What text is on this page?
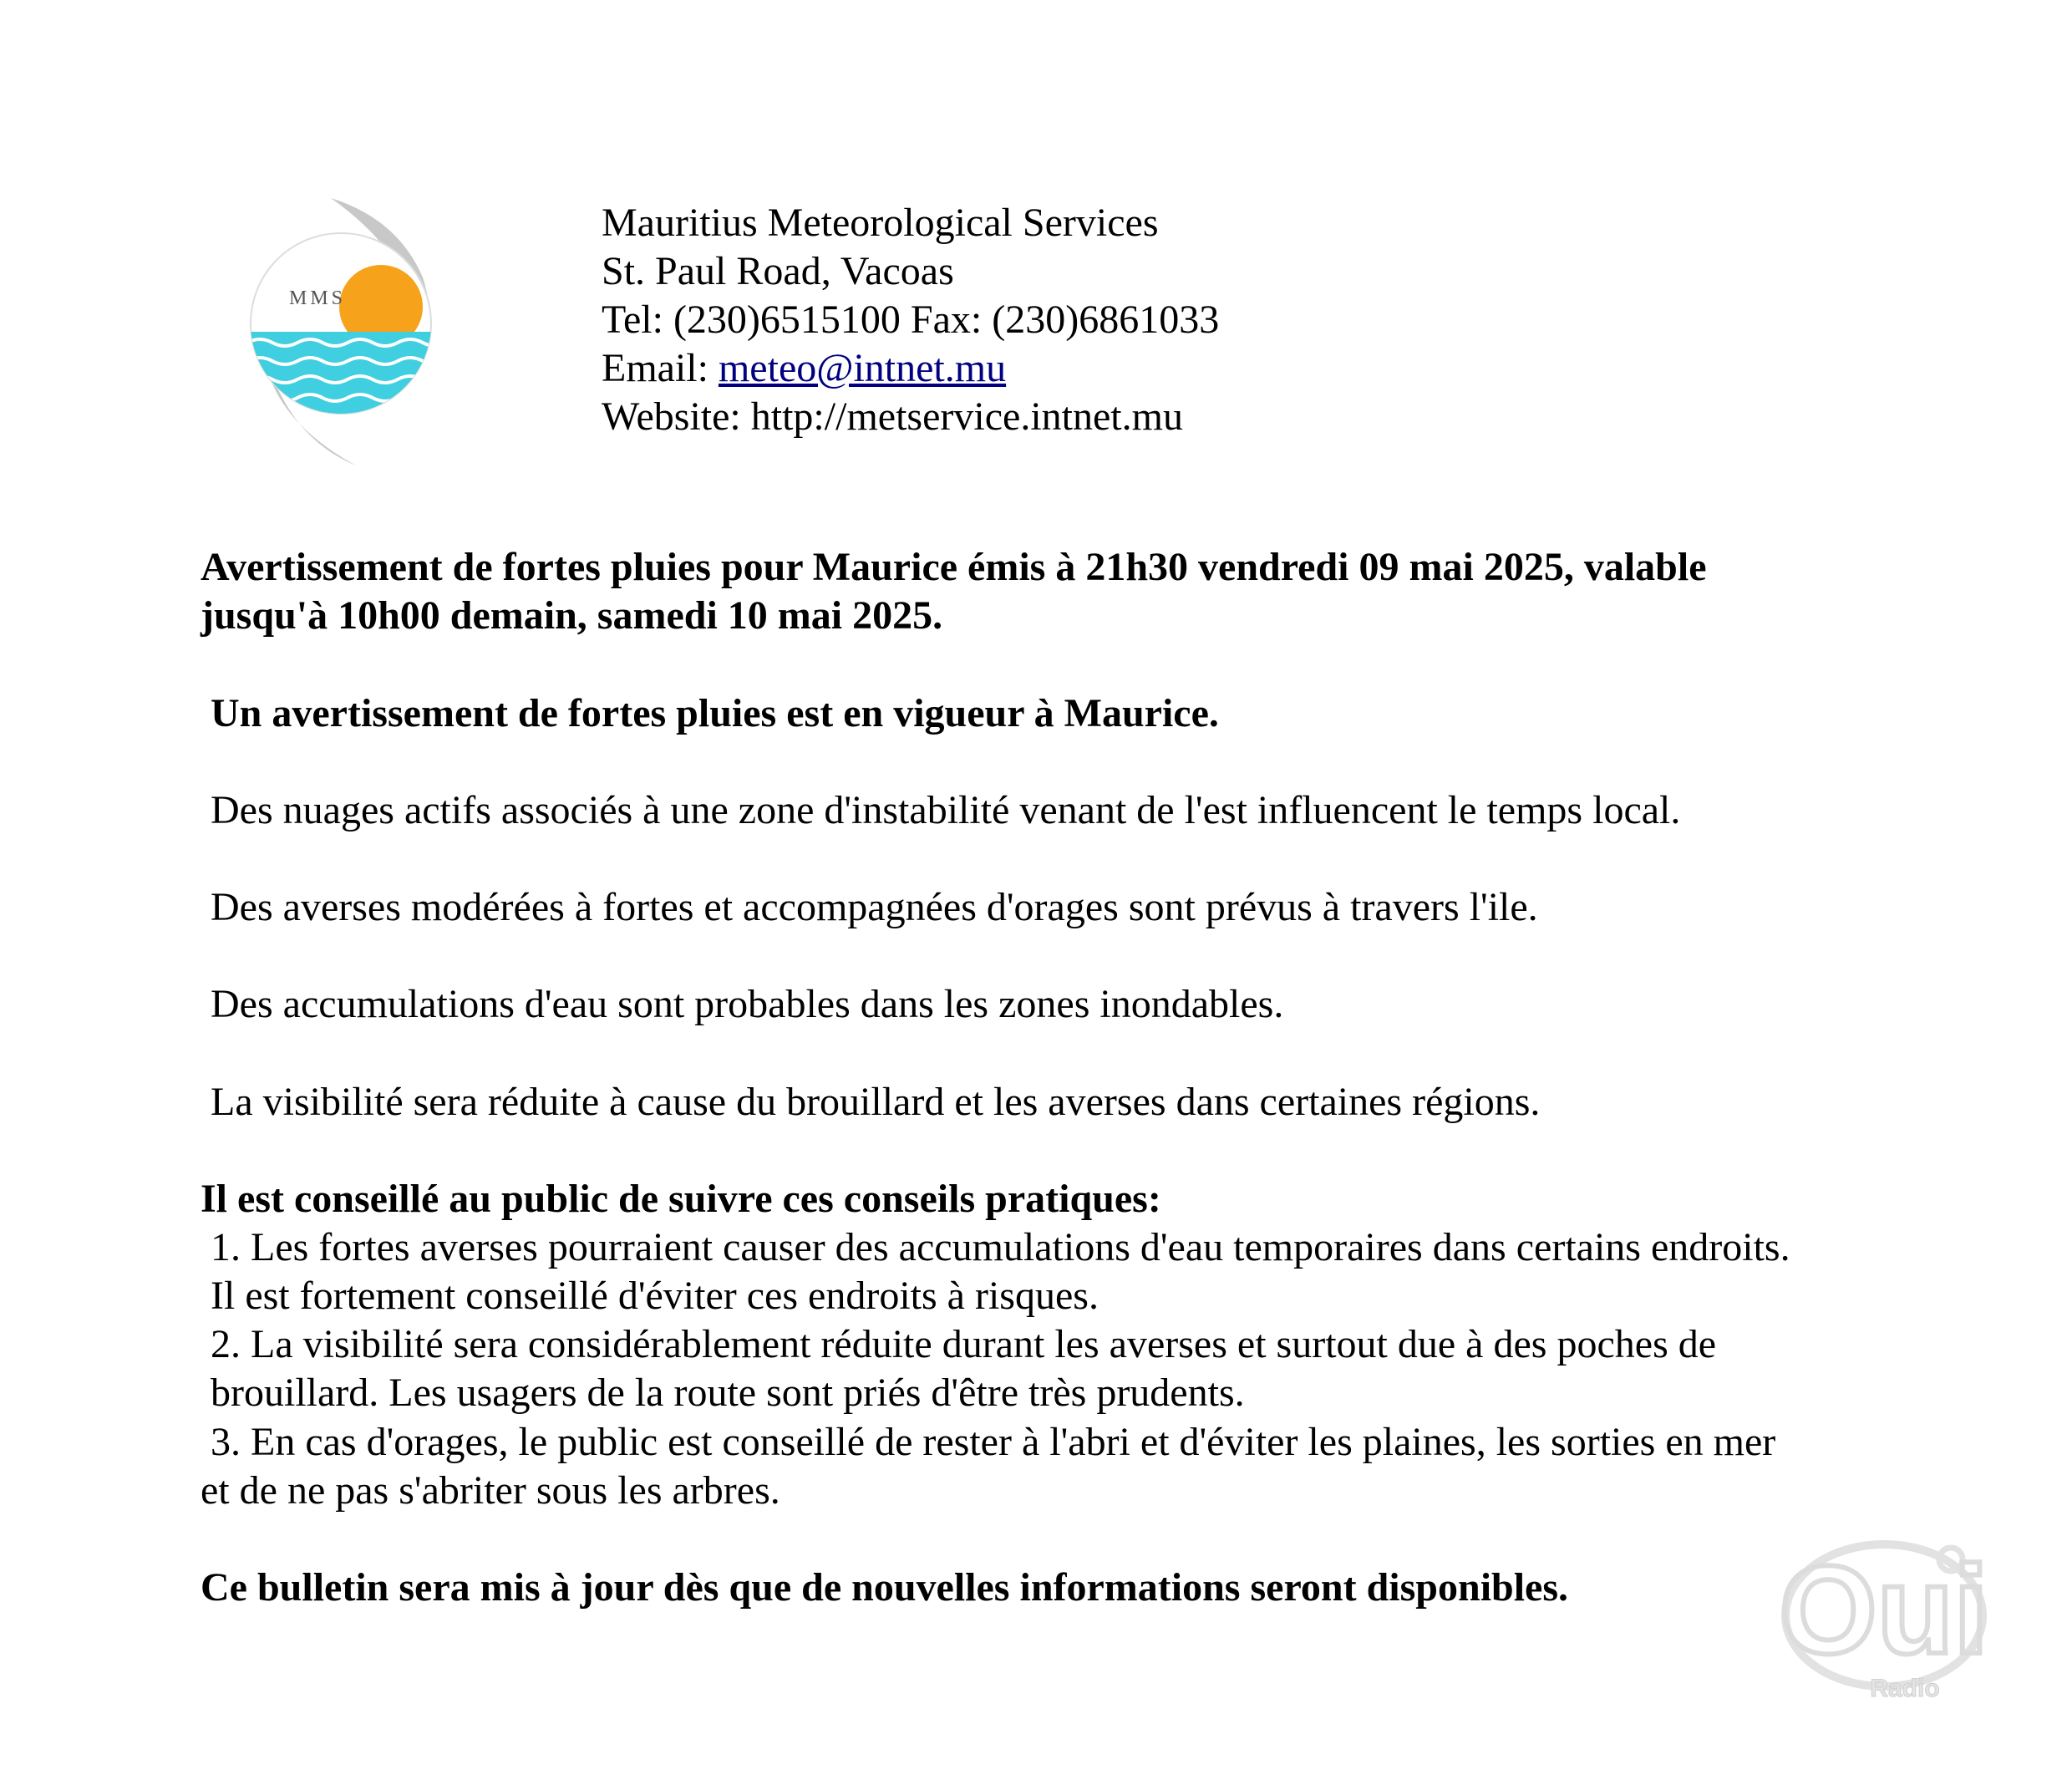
MMS
Mauritius Meteorological Services
St. Paul Road, Vacoas
Tel: (230)6515100 Fax: (230)6861033
Email: meteo@intnet.mu
Website: http://metservice.intnet.mu
Avertissement de fortes pluies pour Maurice émis à 21h30 vendredi 09 mai 2025, valable
jusqu'à 10h00 demain, samedi 10 mai 2025.
Un avertissement de fortes pluies est en vigueur à Maurice.
Des nuages actifs associés à une zone d'instabilité venant de l'est influencent le temps local.
Des averses modérées à fortes et accompagnées d'orages sont prévus à travers l'ile.
Des accumulations d'eau sont probables dans les zones inondables.
La visibilité sera réduite à cause du brouillard et les averses dans certaines régions.
Il est conseillé au public de suivre ces conseils pratiques:
1. Les fortes averses pourraient causer des accumulations d'eau temporaires dans certains endroits.
Il est fortement conseillé d'éviter ces endroits à risques.
2. La visibilité sera considérablement réduite durant les averses et surtout due à des poches de
brouillard. Les usagers de la route sont priés d'être très prudents.
3. En cas d'orages, le public est conseillé de rester à l'abri et d'éviter les plaines, les sorties en mer
et de ne pas s'abriter sous les arbres.
Ce bulletin sera mis à jour dès que de nouvelles informations seront disponibles. Oui
Radio
